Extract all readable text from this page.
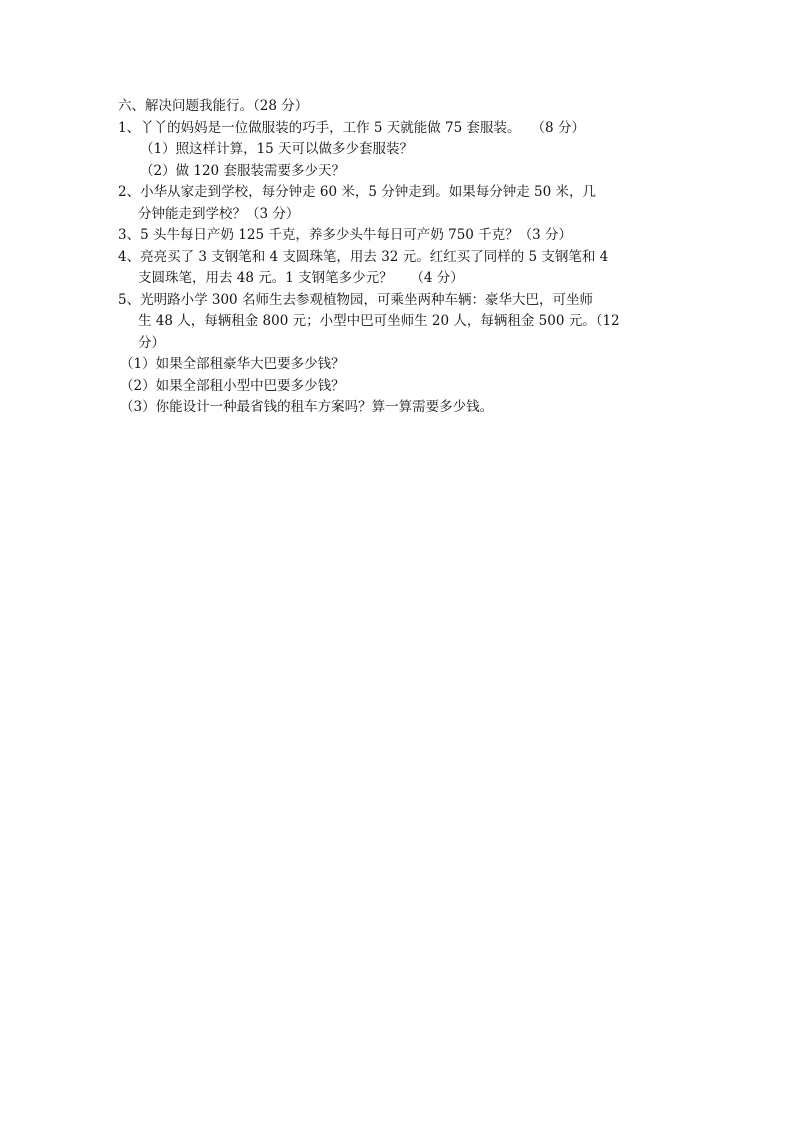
六、解决问题我能行。（28 分）
1、丫丫的妈妈是一位做服装的巧手，工作 5 天就能做 75 套服装。　 （8 分）
（1）照这样计算，15 天可以做多少套服装？
（2）做 120 套服装需要多少天？
2、小华从家走到学校，每分钟走 60 米，5 分钟走到。如果每分钟走 50 米，几
分钟能走到学校？（3 分）
3、5 头牛每日产奶 125 千克，养多少头牛每日可产奶 750 千克？（3 分）
4、亮亮买了 3 支钢笔和 4 支圆珠笔，用去 32 元。红红买了同样的 5 支钢笔和 4
支圆珠笔，用去 48 元。1 支钢笔多少元？　 （4 分）
5、光明路小学 300 名师生去参观植物园，可乘坐两种车辆：豪华大巴，可坐师
生 48 人，每辆租金 800 元；小型中巴可坐师生 20 人，每辆租金 500 元。（12
分）
（1）如果全部租豪华大巴要多少钱？
（2）如果全部租小型中巴要多少钱？
（3）你能设计一种最省钱的租车方案吗？算一算需要多少钱。
